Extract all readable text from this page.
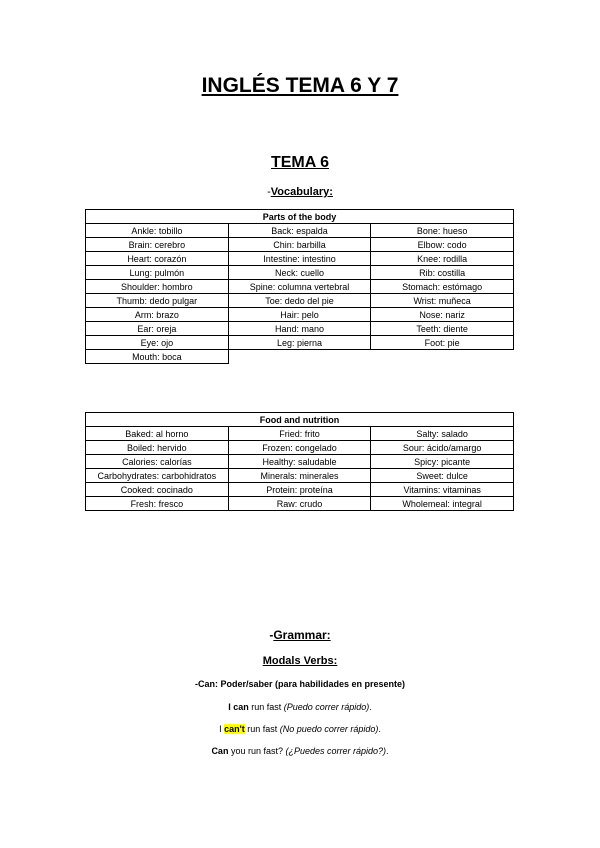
INGLÉS TEMA 6 Y 7
TEMA 6
-Vocabulary:
Parts of the body		
Ankle: tobillo	Back: espalda	Bone: hueso
Brain: cerebro	Chin: barbilla	Elbow: codo
Heart: corazón	Intestine: intestino	Knee: rodilla
Lung: pulmón	Neck: cuello	Rib: costilla
Shoulder: hombro	Spine: columna vertebral	Stomach: estómago
Thumb: dedo pulgar	Toe: dedo del pie	Wrist: muñeca
Arm: brazo	Hair: pelo	Nose: nariz
Ear: oreja	Hand: mano	Teeth: diente
Eye: ojo	Leg: pierna	Foot: pie
Mouth: boca		
Food and nutrition		
Baked: al horno	Fried: frito	Salty: salado
Boiled: hervido	Frozen: congelado	Sour: ácido/amargo
Calories: calorías	Healthy: saludable	Spicy: picante
Carbohydrates: carbohidratos	Minerals: minerales	Sweet: dulce
Cooked: cocinado	Protein: proteína	Vitamins: vitaminas
Fresh: fresco	Raw: crudo	Wholemeal: integral
-Grammar:
Modals Verbs:
-Can: Poder/saber (para habilidades en presente)
I can run fast (Puedo correr rápido).
I can't run fast (No puedo correr rápido).
Can you run fast? (¿Puedes correr rápido?).
